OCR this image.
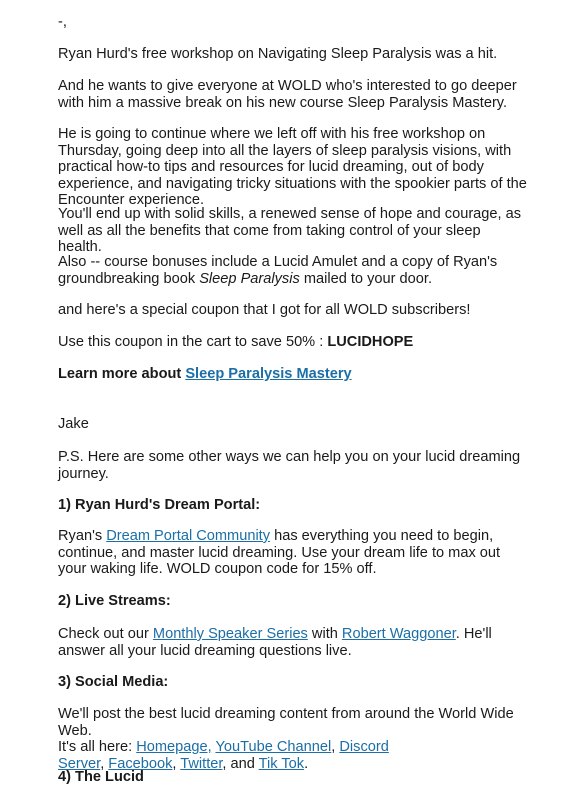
-,

Ryan Hurd's free workshop on Navigating Sleep Paralysis was a hit.

And he wants to give everyone at WOLD who's interested to go deeper with him a massive break on his new course Sleep Paralysis Mastery.

He is going to continue where we left off with his free workshop on Thursday, going deep into all the layers of sleep paralysis visions, with practical how-to tips and resources for lucid dreaming, out of body experience, and navigating tricky situations with the spookier parts of the Encounter experience.

You'll end up with solid skills, a renewed sense of hope and courage, as well as all the benefits that come from taking control of your sleep health.

Also -- course bonuses include a Lucid Amulet and a copy of Ryan's groundbreaking book Sleep Paralysis mailed to your door.

and here's a special coupon that I got for all WOLD subscribers!

Use this coupon in the cart to save 50% : LUCIDHOPE

Learn more about Sleep Paralysis Mastery

Jake

P.S. Here are some other ways we can help you on your lucid dreaming journey.

1) Ryan Hurd's Dream Portal:

Ryan's Dream Portal Community has everything you need to begin, continue, and master lucid dreaming. Use your dream life to max out your waking life. WOLD coupon code for 15% off.

2) Live Streams:

Check out our Monthly Speaker Series with Robert Waggoner. He'll answer all your lucid dreaming questions live.

3) Social Media:

We'll post the best lucid dreaming content from around the World Wide Web.
It's all here: Homepage, YouTube Channel, Discord
Server, Facebook, Twitter, and Tik Tok.

4) The Lucid
